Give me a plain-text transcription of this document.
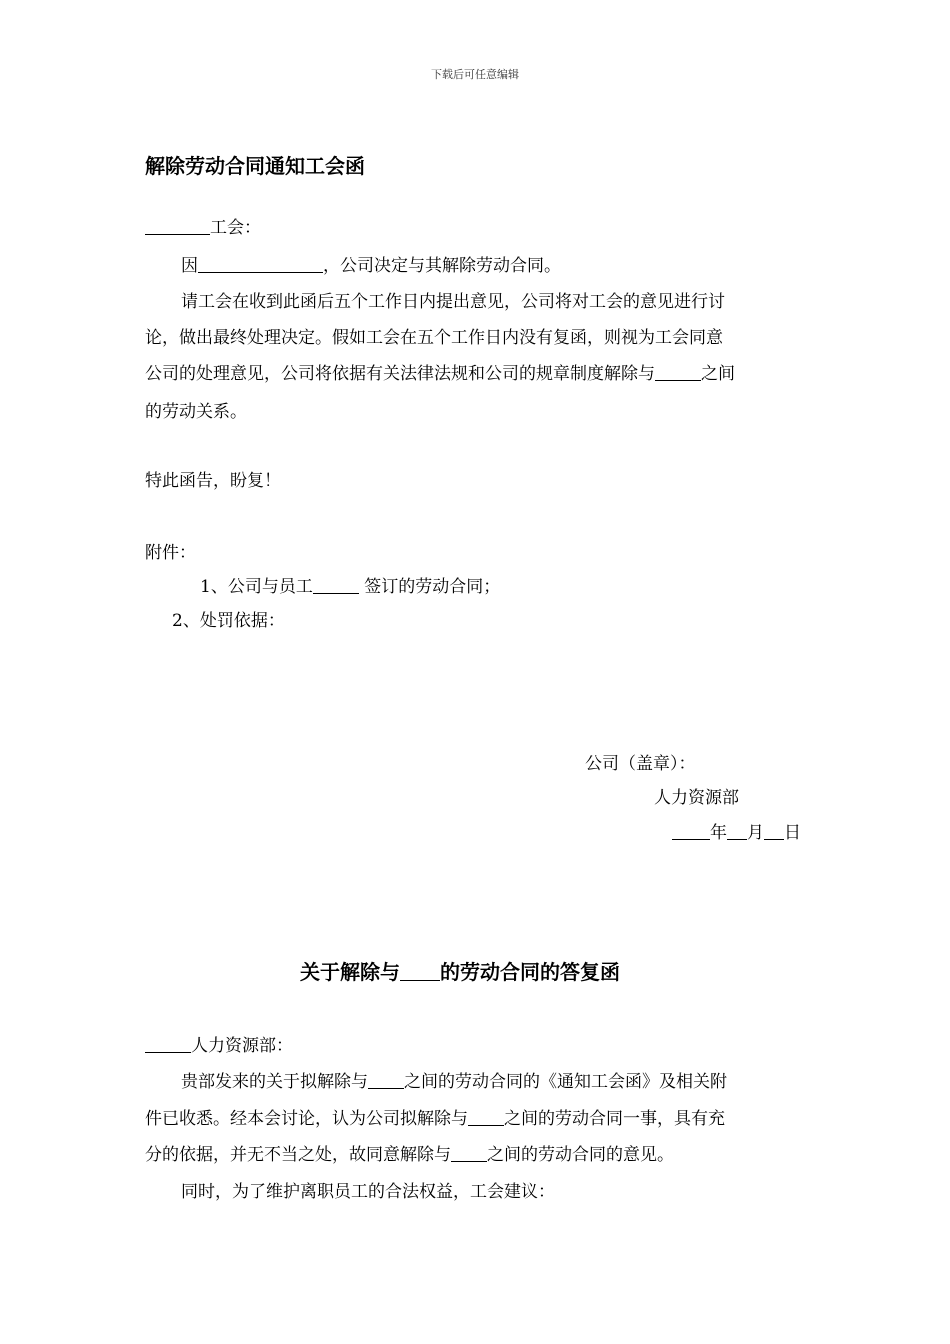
下载后可任意编辑
解除劳动合同通知工会函
工会：
因	，公司决定与其解除劳动合同。
请工会在收到此函后五个工作日内提出意见，公司将对工会的意见进行讨
论，做出最终处理决定。假如工会在五个工作日内没有复函，则视为工会同意
公司的处理意见，公司将依据有关法律法规和公司的规章制度解除与	之间
的劳动关系。
特此函告，盼复！
附件：
1、公司与员工	签订的劳动合同；
2、处罚依据：
公司（盖章）：
人力资源部
年 月 日
关于解除与 的劳动合同的答复函
人力资源部：
贵部发来的关于拟解除与 之间的劳动合同的《通知工会函》及相关附
件已收悉。经本会讨论，认为公司拟解除与 之间的劳动合同一事，具有充
分的依据，并无不当之处，故同意解除与 之间的劳动合同的意见。
同时，为了维护离职员工的合法权益，工会建议：
